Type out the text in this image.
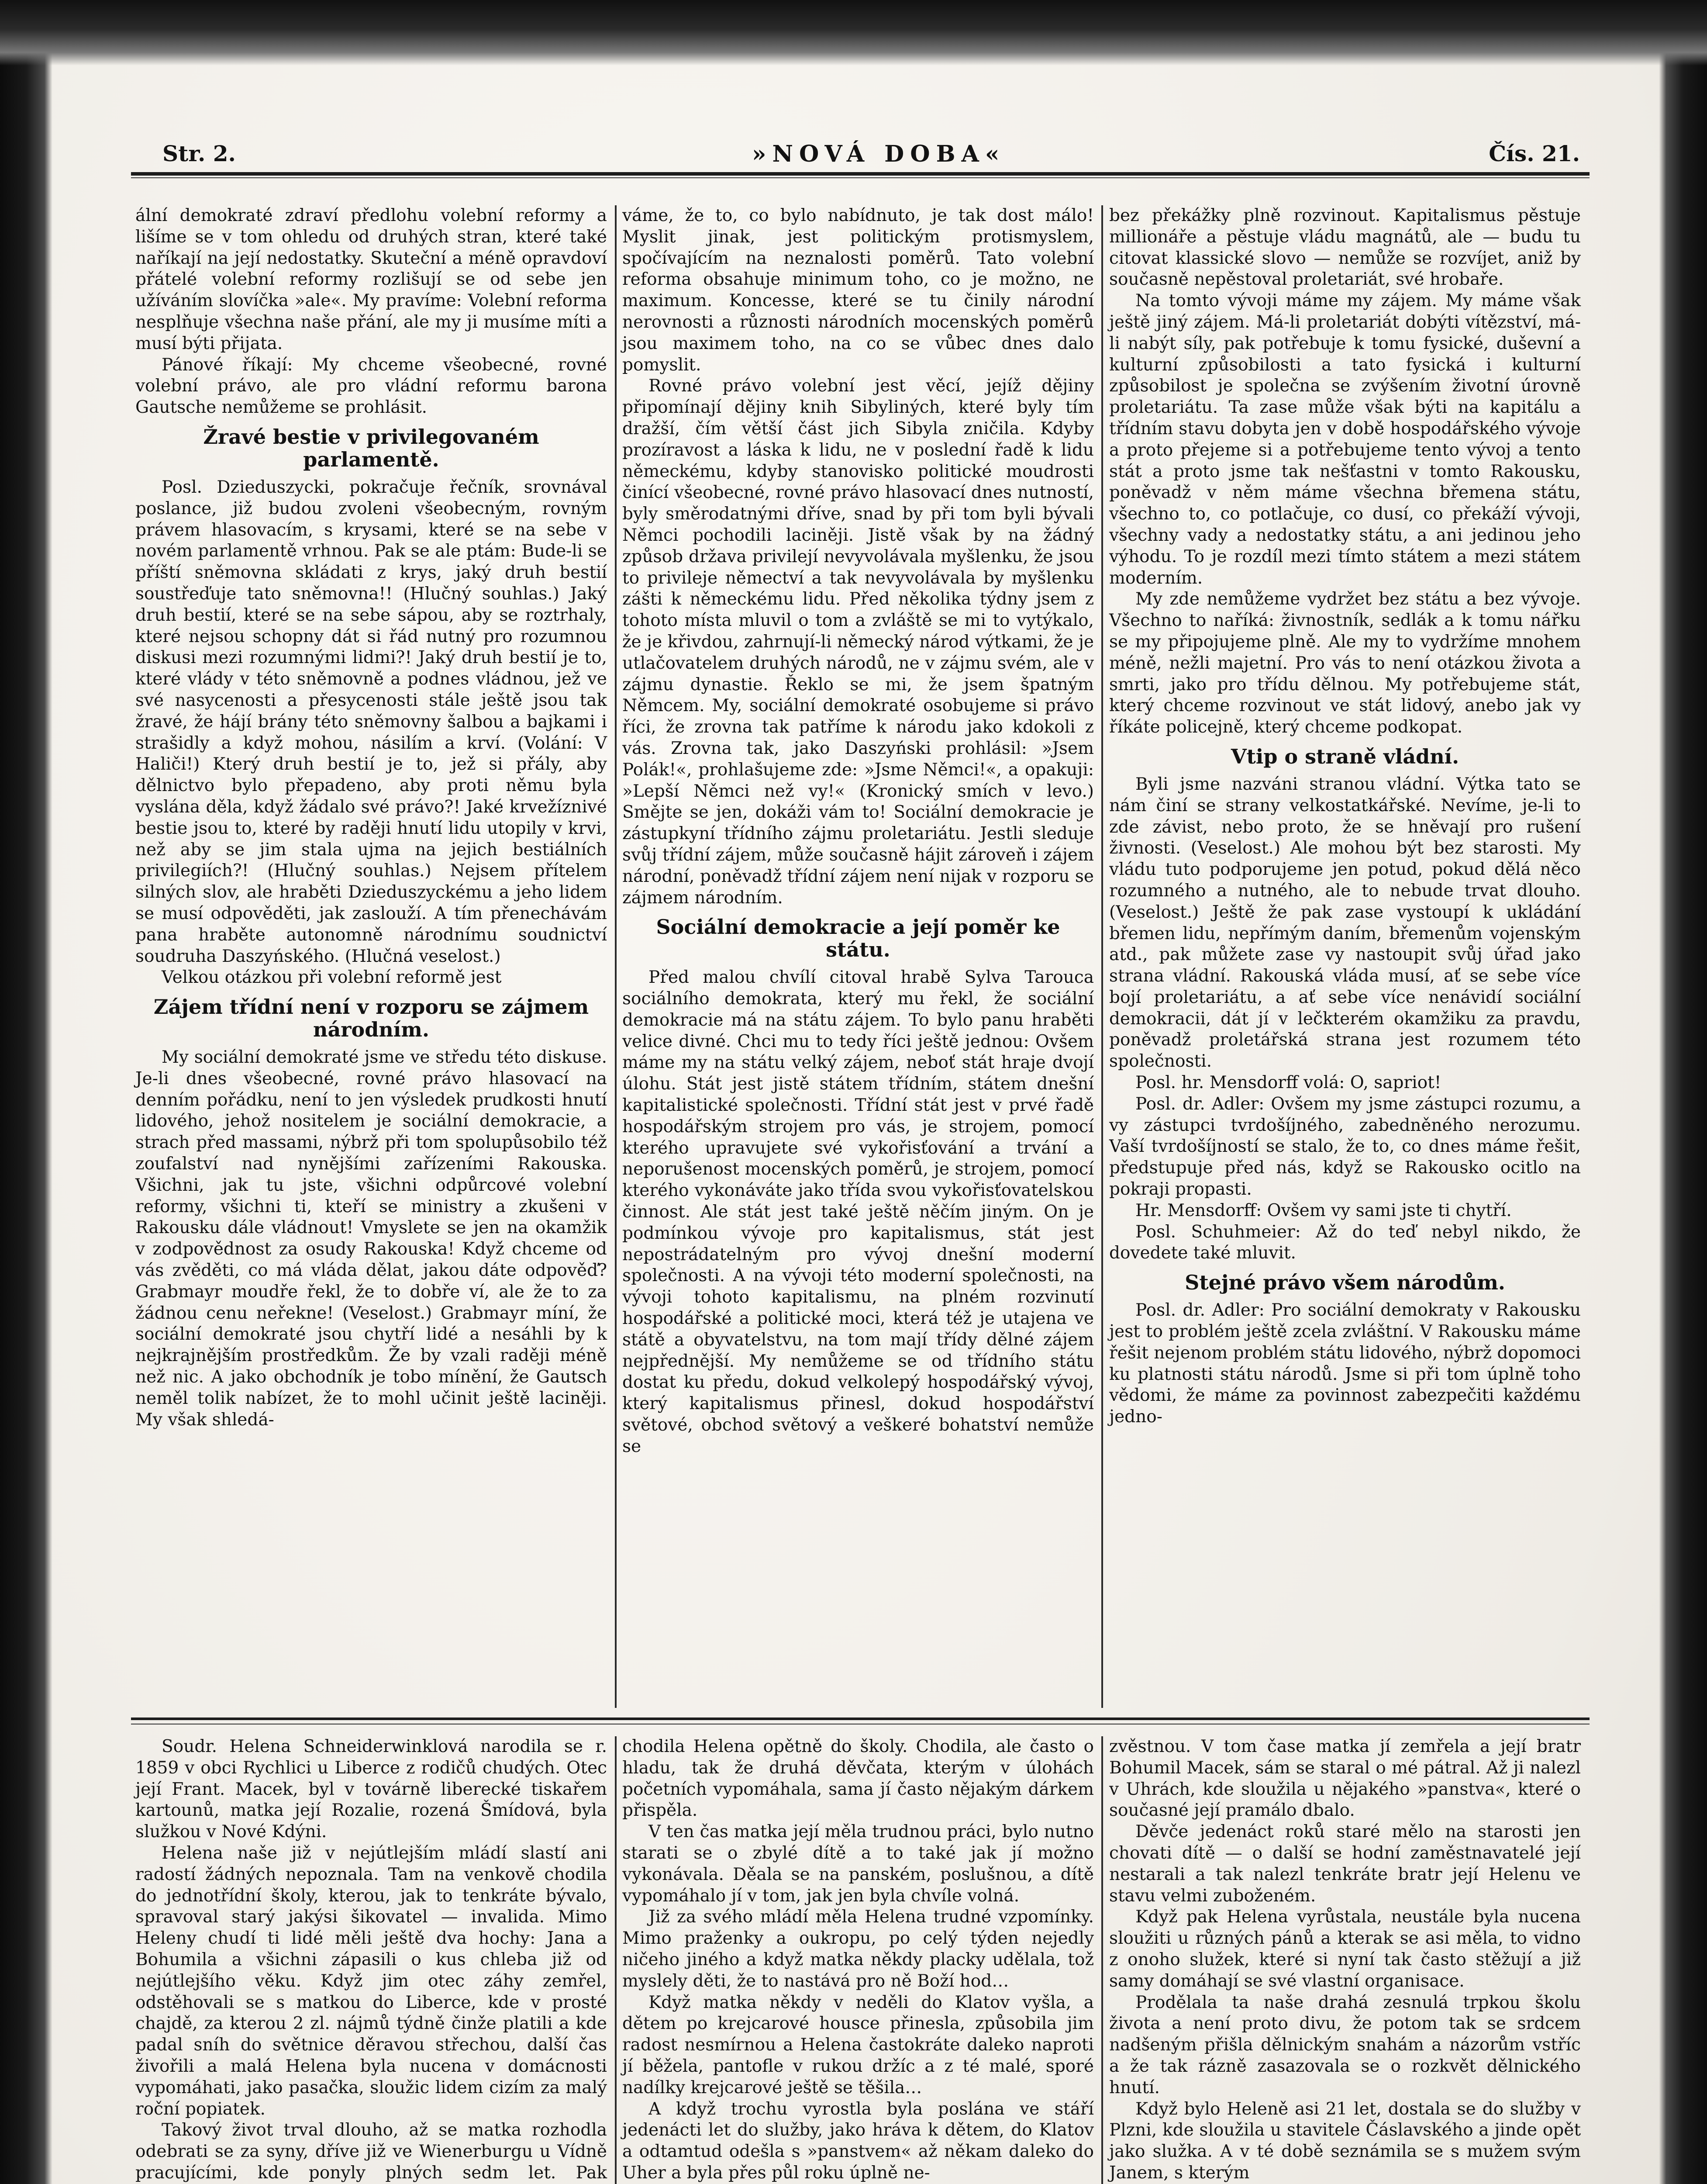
Str. 2.	»NOVÁ DOBA«	Čís. 21.

ální demokraté zdraví předlohu volební reformy a lišíme se v tom ohledu od druhých stran, které také naříkají na její nedostatky. Skuteční a méně opravdoví přátelé volební reformy rozlišují se od sebe jen užíváním slovíčka »ale«. My pravíme: Volební reforma nesplňuje všechna naše přání, ale my ji musíme míti a musí býti přijata.

Pánové říkají: My chceme všeobecné, rovné volební právo, ale pro vládní reformu barona Gautsche nemůžeme se prohlásit.

Žravé bestie v privilegovaném parlamentě.

Posl. Dzieduszycki, pokračuje řečník, srovnával poslance, již budou zvoleni všeobecným, rovným právem hlasovacím, s krysami, které se na sebe v novém parlamentě vrhnou. Pak se ale ptám: Bude-li se příští sněmovna skládati z krys, jaký druh bestií soustřeďuje tato sněmovna!! (Hlučný souhlas.) Jaký druh bestií, které se na sebe sápou, aby se roztrhaly, které nejsou schopny dát si řád nutný pro rozumnou diskusi mezi rozumnými lidmi?! Jaký druh bestií je to, které vlády v této sněmovně a podnes vládnou, jež ve své nasycenosti a přesycenosti stále ještě jsou tak žravé, že hájí brány této sněmovny šalbou a bajkami i strašidly a když mohou, násilím a krví. (Volání: V Haliči!) Který druh bestií je to, jež si přály, aby dělnictvo bylo přepadeno, aby proti němu byla vyslána děla, když žádalo své právo?! Jaké krvežíznivé bestie jsou to, které by raději hnutí lidu utopily v krvi, než aby se jim stala ujma na jejich bestiálních privilegiích?! (Hlučný souhlas.) Nejsem přítelem silných slov, ale hraběti Dzieduszyckému a jeho lidem se musí odpověděti, jak zaslouží. A tím přenechávám pana hraběte autonomně národnímu soudnictví soudruha Daszyńského. (Hlučná veselost.)

Velkou otázkou při volební reformě jest

Zájem třídní není v rozporu se zájmem národním.

My sociální demokraté jsme ve středu této diskuse. Je-li dnes všeobecné, rovné právo hlasovací na denním pořádku, není to jen výsledek prudkosti hnutí lidového, jehož nositelem je sociální demokracie, a strach před massami, nýbrž při tom spolupůsobilo též zoufalství nad nynějšími zařízeními Rakouska. Všichni, jak tu jste, všichni odpůrcové volební reformy, všichni ti, kteří se ministry a zkušeni v Rakousku dále vládnout! Vmyslete se jen na okamžik v zodpovědnost za osudy Rakouska! Když chceme od vás zvěděti, co má vláda dělat, jakou dáte odpověď? Grabmayr moudře řekl, že to dobře ví, ale že to za žádnou cenu neřekne! (Veselost.) Grabmayr míní, že sociální demokraté jsou chytří lidé a nesáhli by k nejkrajnějším prostředkům. Že by vzali raději méně než nic. A jako obchodník je tobo mínění, že Gautsch neměl tolik nabízet, že to mohl učinit ještě laciněji. My však shledá-

váme, že to, co bylo nabídnuto, je tak dost málo! Myslit jinak, jest politickým protismyslem, spočívajícím na neznalosti poměrů. Tato volební reforma obsahuje minimum toho, co je možno, ne maximum. Koncesse, které se tu činily národní nerovnosti a různosti národních mocenských poměrů jsou maximem toho, na co se vůbec dnes dalo pomyslit.

Rovné právo volební jest věcí, jejíž dějiny připomínají dějiny knih Sibyliných, které byly tím dražší, čím větší část jich Sibyla zničila. Kdyby prozíravost a láska k lidu, ne v poslední řadě k lidu německému, kdyby stanovisko politické moudrosti činící všeobecné, rovné právo hlasovací dnes nutností, byly směrodatnými dříve, snad by při tom byli bývali Němci pochodili laciněji. Jistě však by na žádný způsob država privilejí nevyvolávala myšlenku, že jsou to privileje němectví a tak nevyvolávala by myšlenku zášti k německému lidu. Před několika týdny jsem z tohoto místa mluvil o tom a zvláště se mi to vytýkalo, že je křivdou, zahrnují-li německý národ výtkami, že je utlačovatelem druhých národů, ne v zájmu svém, ale v zájmu dynastie. Řeklo se mi, že jsem špatným Němcem. My, sociální demokraté osobujeme si právo říci, že zrovna tak patříme k národu jako kdokoli z vás. Zrovna tak, jako Daszyński prohlásil: »Jsem Polák!«, prohlašujeme zde: »Jsme Němci!«, a opakuji: »Lepší Němci než vy!« (Kronický smích v levo.) Smějte se jen, dokáži vám to! Sociální demokracie je zástupkyní třídního zájmu proletariátu. Jestli sleduje svůj třídní zájem, může současně hájit zároveň i zájem národní, poněvadž třídní zájem není nijak v rozporu se zájmem národním.

Sociální demokracie a její poměr ke státu.

Před malou chvílí citoval hrabě Sylva Tarouca sociálního demokrata, který mu řekl, že sociální demokracie má na státu zájem. To bylo panu hraběti velice divné. Chci mu to tedy říci ještě jednou: Ovšem máme my na státu velký zájem, neboť stát hraje dvojí úlohu. Stát jest jistě státem třídním, státem dnešní kapitalistické společnosti. Třídní stát jest v prvé řadě hospodářským strojem pro vás, je strojem, pomocí kterého upravujete své vykořisťování a trvání a neporušenost mocenských poměrů, je strojem, pomocí kterého vykonáváte jako třída svou vykořisťovatelskou činnost. Ale stát jest také ještě něčím jiným. On je podmínkou vývoje pro kapitalismus, stát jest nepostrádatelným pro vývoj dnešní moderní společnosti. A na vývoji této moderní společnosti, na vývoji tohoto kapitalismu, na plném rozvinutí hospodářské a politické moci, která též je utajena ve státě a obyvatelstvu, na tom mají třídy dělné zájem nejpřednější. My nemůžeme se od třídního státu dostat ku předu, dokud velkolepý hospodářský vývoj, který kapitalismus přinesl, dokud hospodářství světové, obchod světový a veškeré bohatství nemůže se

bez překážky plně rozvinout. Kapitalismus pěstuje millionáře a pěstuje vládu magnátů, ale — budu tu citovat klassické slovo — nemůže se rozvíjet, aniž by současně nepěstoval proletariát, své hrobaře.

Na tomto vývoji máme my zájem. My máme však ještě jiný zájem. Má-li proletariát dobýti vítězství, má-li nabýt síly, pak potřebuje k tomu fysické, duševní a kulturní způsobilosti a tato fysická i kulturní způsobilost je společna se zvýšením životní úrovně proletariátu. Ta zase může však býti na kapitálu a třídním stavu dobyta jen v době hospodářského vývoje a proto přejeme si a potřebujeme tento vývoj a tento stát a proto jsme tak nešťastni v tomto Rakousku, poněvadž v něm máme všechna břemena státu, všechno to, co potlačuje, co dusí, co překáží vývoji, všechny vady a nedostatky státu, a ani jedinou jeho výhodu. To je rozdíl mezi tímto státem a mezi státem moderním.

My zde nemůžeme vydržet bez státu a bez vývoje. Všechno to naříká: živnostník, sedlák a k tomu nářku se my připojujeme plně. Ale my to vydržíme mnohem méně, nežli majetní. Pro vás to není otázkou života a smrti, jako pro třídu dělnou. My potřebujeme stát, který chceme rozvinout ve stát lidový, anebo jak vy říkáte policejně, který chceme podkopat.

Vtip o straně vládní.

Byli jsme nazváni stranou vládní. Výtka tato se nám činí se strany velkostatkářské. Nevíme, je-li to zde závist, nebo proto, že se hněvají pro rušení živnosti. (Veselost.) Ale mohou být bez starosti. My vládu tuto podporujeme jen potud, pokud dělá něco rozumného a nutného, ale to nebude trvat dlouho. (Veselost.) Ještě že pak zase vystoupí k ukládání břemen lidu, nepřímým daním, břemenům vojenským atd., pak můžete zase vy nastoupit svůj úřad jako strana vládní. Rakouská vláda musí, ať se sebe více bojí proletariátu, a ať sebe více nenávidí sociální demokracii, dát jí v lečkterém okamžiku za pravdu, poněvadž proletářská strana jest rozumem této společnosti.

Posl. hr. Mensdorff volá: O, sapriot!

Posl. dr. Adler: Ovšem my jsme zástupci rozumu, a vy zástupci tvrdošíjného, zabedněného nerozumu. Vaší tvrdošíjností se stalo, že to, co dnes máme řešit, předstupuje před nás, když se Rakousko ocitlo na pokraji propasti.

Hr. Mensdorff: Ovšem vy sami jste ti chytří.

Posl. Schuhmeier: Až do teď nebyl nikdo, že dovedete také mluvit.

Stejné právo všem národům.

Posl. dr. Adler: Pro sociální demokraty v Rakousku jest to problém ještě zcela zvláštní. V Rakousku máme řešit nejenom problém státu lidového, nýbrž dopomoci ku platnosti státu národů. Jsme si při tom úplně toho vědomi, že máme za povinnost zabezpečiti každému jedno-

Soudr. Helena Schneiderwinklová narodila se r. 1859 v obci Rychlici u Liberce z rodičů chudých. Otec její Frant. Macek, byl v továrně liberecké tiskařem kartounů, matka její Rozalie, rozená Šmídová, byla služkou v Nové Kdýni.

Helena naše již v nejútlejším mládí slastí ani radostí žádných nepoznala. Tam na venkově chodila do jednotřídní školy, kterou, jak to tenkráte bývalo, spravoval starý jakýsi šikovatel — invalida. Mimo Heleny chudí ti lidé měli ještě dva hochy: Jana a Bohumila a všichni zápasili o kus chleba již od nejútlejšího věku. Když jim otec záhy zemřel, odstěhovali se s matkou do Liberce, kde v prosté chajdě, za kterou 2 zl. nájmů týdně činže platili a kde padal sníh do světnice děravou střechou, další čas živořili a malá Helena byla nucena v domácnosti vypomáhati, jako pasačka, sloužic lidem cizím za malý roční popiatek.

Takový život trval dlouho, až se matka rozhodla odebrati se za syny, dříve již ve Wienerburgu u Vídně pracujícími, kde ponyly plných sedm let. Pak

chodila Helena opětně do školy. Chodila, ale často o hladu, tak že druhá děvčata, kterým v úlohách početních vypomáhala, sama jí často nějakým dárkem přispěla.

V ten čas matka její měla trudnou práci, bylo nutno starati se o zbylé dítě a to také jak jí možno vykonávala. Děala se na panském, poslušnou, a dítě vypomáhalo jí v tom, jak jen byla chvíle volná.

Již za svého mládí měla Helena trudné vzpomínky. Mimo praženky a oukropu, po celý týden nejedly ničeho jiného a když matka někdy placky udělala, tož myslely děti, že to nastává pro ně Boží hod…

Když matka někdy v neděli do Klatov vyšla, a dětem po krejcarové housce přinesla, způsobila jim radost nesmírnou a Helena častokráte daleko naproti jí běžela, pantofle v rukou držíc a z té malé, sporé nadílky krejcarové ještě se těšila…

A když trochu vyrostla byla poslána ve stáří jedenácti let do služby, jako hráva k dětem, do Klatov a odtamtud odešla s »panstvem« až někam daleko do Uher a byla přes půl roku úplně ne-

zvěstnou. V tom čase matka jí zemřela a její bratr Bohumil Macek, sám se staral o mé pátral. Až ji nalezl v Uhrách, kde sloužila u nějakého »panstva«, které o současné její pramálo dbalo.

Děvče jedenáct roků staré mělo na starosti jen chovati dítě — o další se hodní zaměstnavatelé její nestarali a tak nalezl tenkráte bratr její Helenu ve stavu velmi zuboženém.

Když pak Helena vyrůstala, neustále byla nucena sloužiti u různých pánů a kterak se asi měla, to vidno z onoho služek, které si nyní tak často stěžují a již samy domáhají se své vlastní organisace.

Prodělala ta naše drahá zesnulá trpkou školu života a není proto divu, že potom tak se srdcem nadšeným přišla dělnickým snahám a názorům vstříc a že tak rázně zasazovala se o rozkvět dělnického hnutí.

Když bylo Heleně asi 21 let, dostala se do služby v Plzni, kde sloužila u stavitele Čáslavského a jinde opět jako služka. A v té době seznámila se s mužem svým Janem, s kterým
